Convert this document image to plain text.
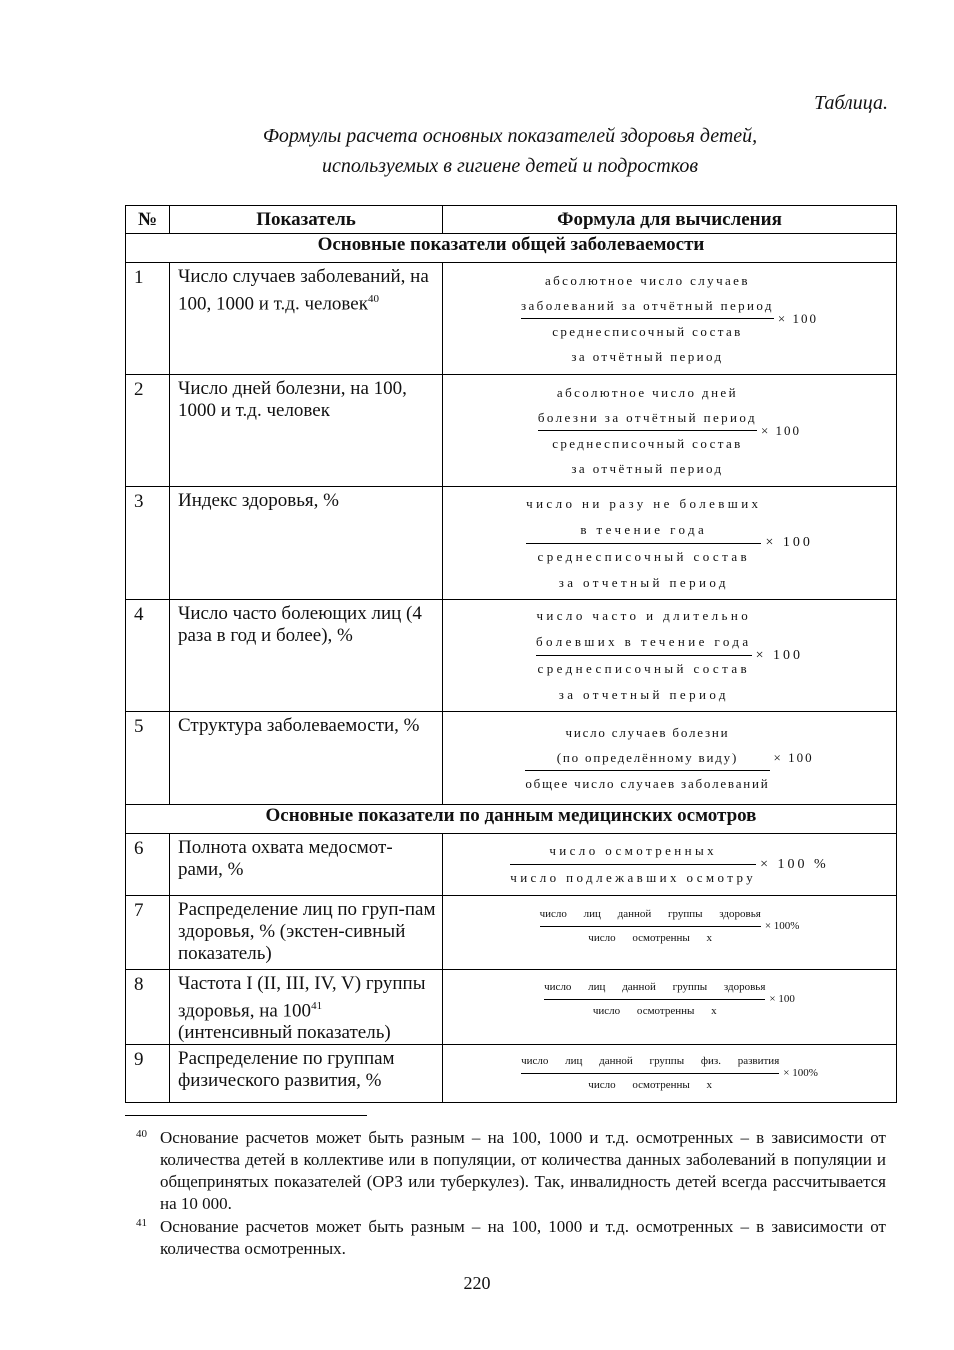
Таблица.
Формулы расчета основных показателей здоровья детей,
используемых в гигиене детей и подростков
№	Показатель	Формула для вычисления
Основные показатели общей заболеваемости		
1	Число случаев заболеваний, на 100, 1000 и т.д. человек$^{40}$	абсолютное число случаев
заболеваний за отчётный период
среднесписочный состав
за отчётный период
× 100

2	Число дней болезни, на 100, 1000 и т.д. человек	абсолютное число дней
болезни за отчётный период
среднесписочный состав
за отчётный период
× 100

3	Индекс здоровья, %	число ни разу не болевших
в течение года
среднесписочный состав
за отчетный период × 100

4	Число часто болеющих лиц (4 раза в год и более), %	число часто и длительно
болевших в течение года
среднесписочный состав
за отчетный период
× 100

5	Структура заболеваемости, %	число случаев болезни
(по определённому виду)
общее число случаев заболеваний × 100

Основные показатели по данным медицинских осмотров		
6	Полнота охвата медосмот-рами, %	$\frac{\text{число осмотренных}}{\text{число подлежавших осмотру}} \times 100$ %

7	Распределение лиц по груп-пам здоровья, % (экстен-сивный показатель)	$\frac{\text{число лиц данной группы здоровья}}{\text{число осмотренны х}} \times 100\%$

8	Частота I (II, III, IV, V) группы здоровья, на $100^{41}$ (интенсивный показатель)	$\frac{\text{число лиц данной группы здоровья}}{\text{число осмотренны х}} \times 100$

9	Распределение по группам физического развития, %	$\frac{\text{число лиц данной группы физ. развития}}{\text{число осмотренны х}} \times 100\%$
40 Основание расчетов может быть разным – на 100, 1000 и т.д. осмотренных – в зависимости от количества детей в коллективе или в популяции, от количества данных заболеваний в популяции и общепринятых показателей (ОРЗ или туберкулез). Так, инвалидность детей всегда рассчитывается на 10 000.
41 Основание расчетов может быть разным – на 100, 1000 и т.д. осмотренных – в зависимости от количества осмотренных.
220
